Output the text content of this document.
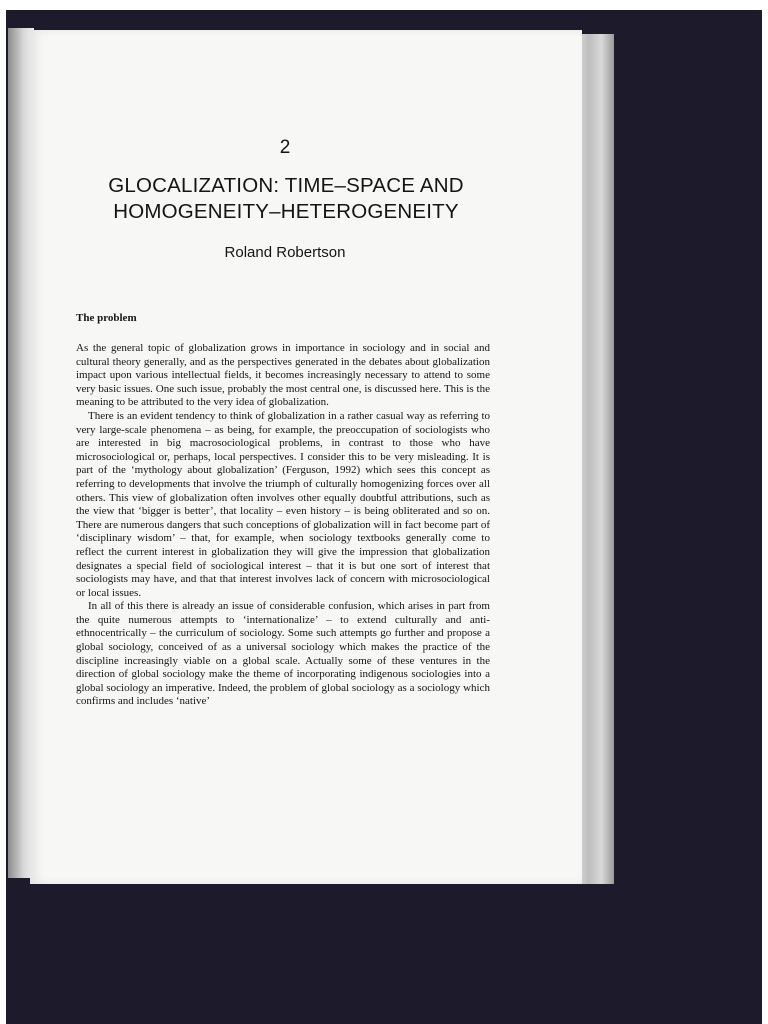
2
GLOCALIZATION: TIME–SPACE AND
HOMOGENEITY–HETEROGENEITY
Roland Robertson
The problem

As the general topic of globalization grows in importance in sociology and in social and cultural theory generally, and as the perspectives generated in the debates about globalization impact upon various intellectual fields, it becomes increasingly necessary to attend to some very basic issues. One such issue, probably the most central one, is discussed here. This is the meaning to be attributed to the very idea of globalization.

There is an evident tendency to think of globalization in a rather casual way as referring to very large-scale phenomena – as being, for example, the preoccupation of sociologists who are interested in big macrosociological problems, in contrast to those who have microsociological or, perhaps, local perspectives. I consider this to be very misleading. It is part of the ‘mythology about globalization’ (Ferguson, 1992) which sees this concept as referring to developments that involve the triumph of culturally homogenizing forces over all others. This view of globalization often involves other equally doubtful attributions, such as the view that ‘bigger is better’, that locality – even history – is being obliterated and so on. There are numerous dangers that such conceptions of globalization will in fact become part of ‘disciplinary wisdom’ – that, for example, when sociology textbooks generally come to reflect the current interest in globalization they will give the impression that globalization designates a special field of sociological interest – that it is but one sort of interest that sociologists may have, and that that interest involves lack of concern with microsociological or local issues.

In all of this there is already an issue of considerable confusion, which arises in part from the quite numerous attempts to ‘internationalize’ – to extend culturally and anti-ethnocentrically – the curriculum of sociology. Some such attempts go further and propose a global sociology, conceived of as a universal sociology which makes the practice of the discipline increasingly viable on a global scale. Actually some of these ventures in the direction of global sociology make the theme of incorporating indigenous sociologies into a global sociology an imperative. Indeed, the problem of global sociology as a sociology which confirms and includes ‘native’
